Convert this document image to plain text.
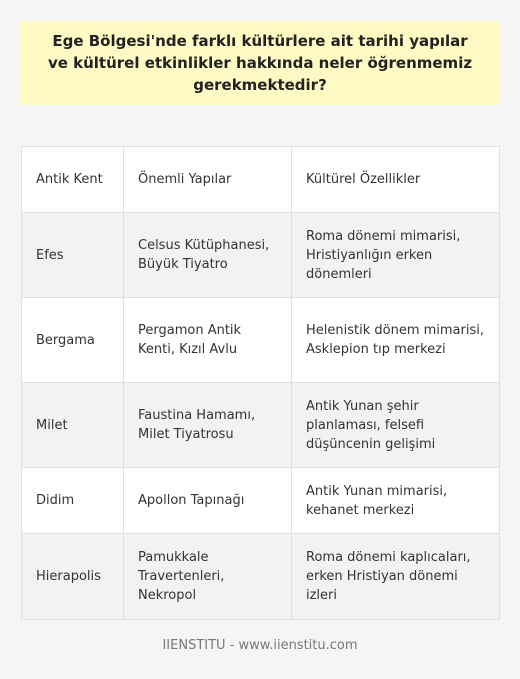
Ege Bölgesi'nde farklı kültürlere ait tarihi yapılar ve kültürel etkinlikler hakkında neler öğrenmemiz gerekmektedir?
Antik Kent	Önemli Yapılar	Kültürel Özellikler
Efes	Celsus Kütüphanesi, Büyük Tiyatro	Roma dönemi mimarisi, Hristiyanlığın erken dönemleri
Bergama	Pergamon Antik Kenti, Kızıl Avlu	Helenistik dönem mimarisi, Asklepion tıp merkezi
Milet	Faustina Hamamı, Milet Tiyatrosu	Antik Yunan şehir planlaması, felsefi düşüncenin gelişimi
Didim	Apollon Tapınağı	Antik Yunan mimarisi, kehanet merkezi
Hierapolis	Pamukkale Travertenleri, Nekropol	Roma dönemi kaplıcaları, erken Hristiyan dönemi izleri
IIENSTITU - www.iienstitu.com
